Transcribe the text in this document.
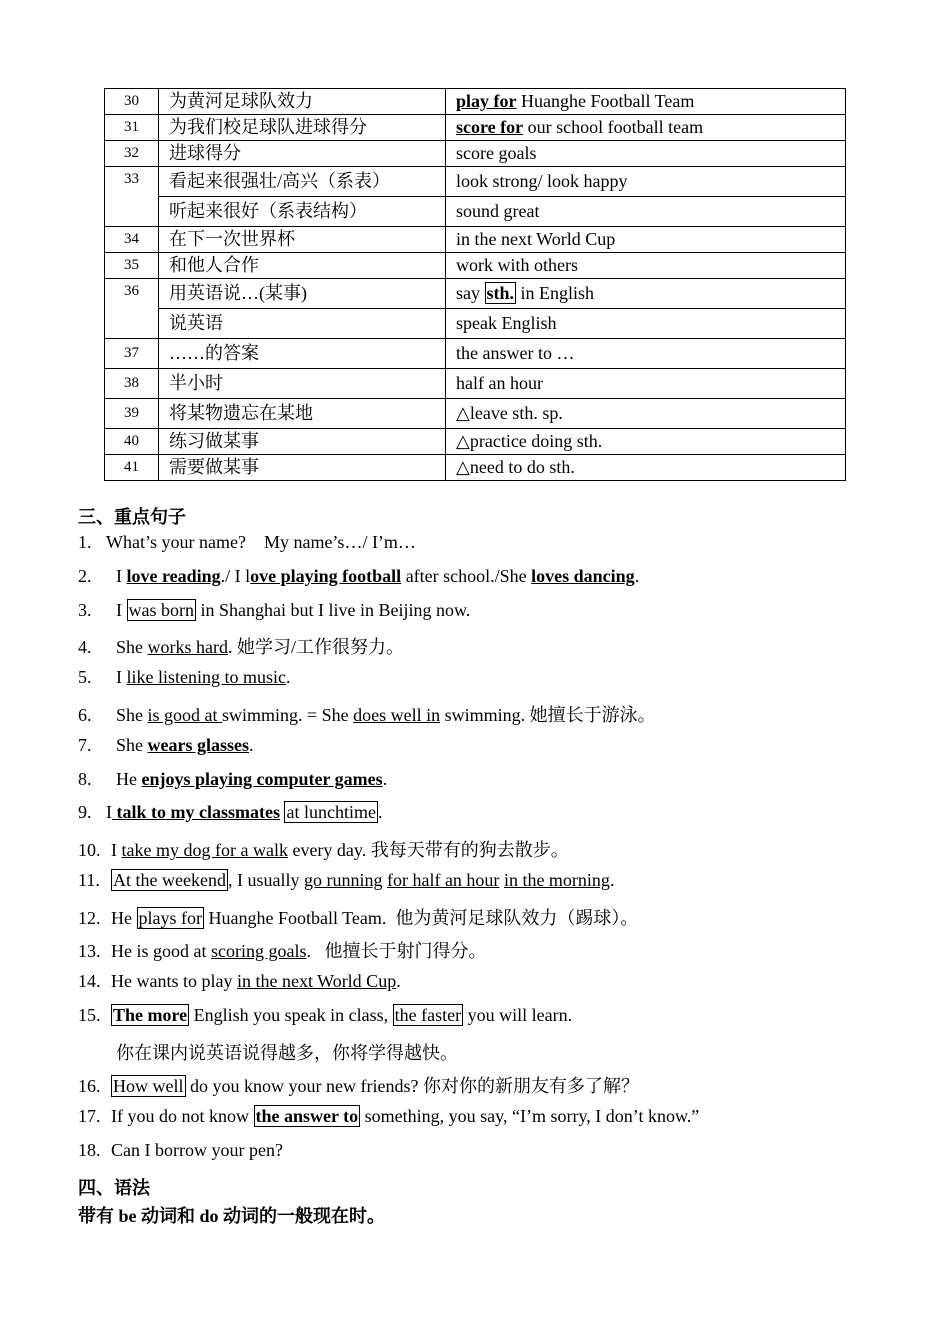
30	为黄河足球队效力	play for Huanghe Football Team
31	为我们校足球队进球得分	score for our school football team
32	进球得分	score goals

33	看起来很强壮/高兴（系表）	look strong/ look happy
	听起来很好（系表结构）	sound great
34	在下一次世界杯	in the next World Cup
35	和他人合作	work with others

36	用英语说…(某事)	say sth. in English
	说英语	speak English
37	……的答案	the answer to …
38	半小时	half an hour
39	将某物遗忘在某地	△leave sth. sp.
40	练习做某事	△practice doing sth.
41	需要做某事	△need to do sth.
三、重点句子
1. What’s your name?    My name’s…/ I’m…
2. I love reading./ I love playing football after school./She loves dancing.
3. I was born in Shanghai but I live in Beijing now.
4. She works hard. 她学习/工作很努力。
5. I like listening to music.
6. She is good at swimming. = She does well in swimming. 她擅长于游泳。
7. She wears glasses.
8. He enjoys playing computer games.
9. I talk to my classmates at lunchtime .
10. I take my dog for a walk every day. 我每天带有的狗去散步。
11. At the weekend , I usually go running for half an hour in the morning.
12. He plays for Huanghe Football Team.  他为黄河足球队效力（踢球）。
13. He is good at scoring goals.   他擅长于射门得分。
14. He wants to play in the next World Cup.
15. The more English you speak in class, the faster you will learn.
你在课内说英语说得越多，你将学得越快。
16. How well do you know your new friends? 你对你的新朋友有多了解？
17. If you do not know the answer to something, you say, “I’m sorry, I don’t know.”
18. Can I borrow your pen?
四、语法
带有 be 动词和 do 动词的一般现在时。
